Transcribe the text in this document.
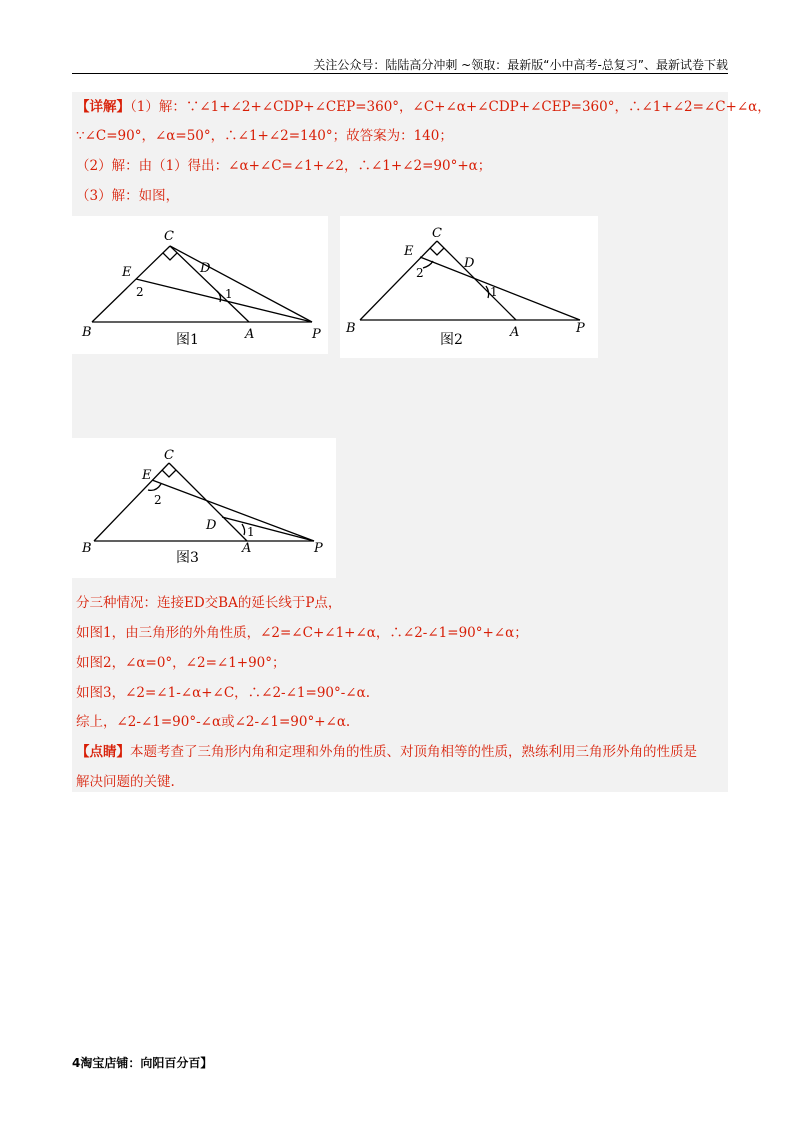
关注公众号：陆陆高分冲刺 ~领取：最新版“小中高考-总复习”、最新试卷下载
【详解】（1）解：∵∠1+∠2+∠CDP+∠CEP=360°，∠C+∠α+∠CDP+∠CEP=360°，∴∠1+∠2=∠C+∠α，
∵∠C=90°，∠α=50°，∴∠1+∠2=140°；故答案为：140；
（2）解：由（1）得出：∠α+∠C=∠1+∠2，∴∠1+∠2=90°+α；
（3）解：如图，
C
D
E
2	1
B	A	P
图1
C
D
E
2
1
B	A	P
图2
C
D
E
2
1
B	A	P
图3
分三种情况：连接ED交BA的延长线于P点，
如图1，由三角形的外角性质，∠2=∠C+∠1+∠α，∴∠2-∠1=90°+∠α；
如图2，∠α=0°，∠2=∠1+90°；
如图3，∠2=∠1-∠α+∠C，∴∠2-∠1=90°-∠α.
综上，∠2-∠1=90°-∠α或∠2-∠1=90°+∠α.
【点睛】本题考查了三角形内角和定理和外角的性质、对顶角相等的性质，熟练利用三角形外角的性质是
解决问题的关键.
4淘宝店铺：向阳百分百】
